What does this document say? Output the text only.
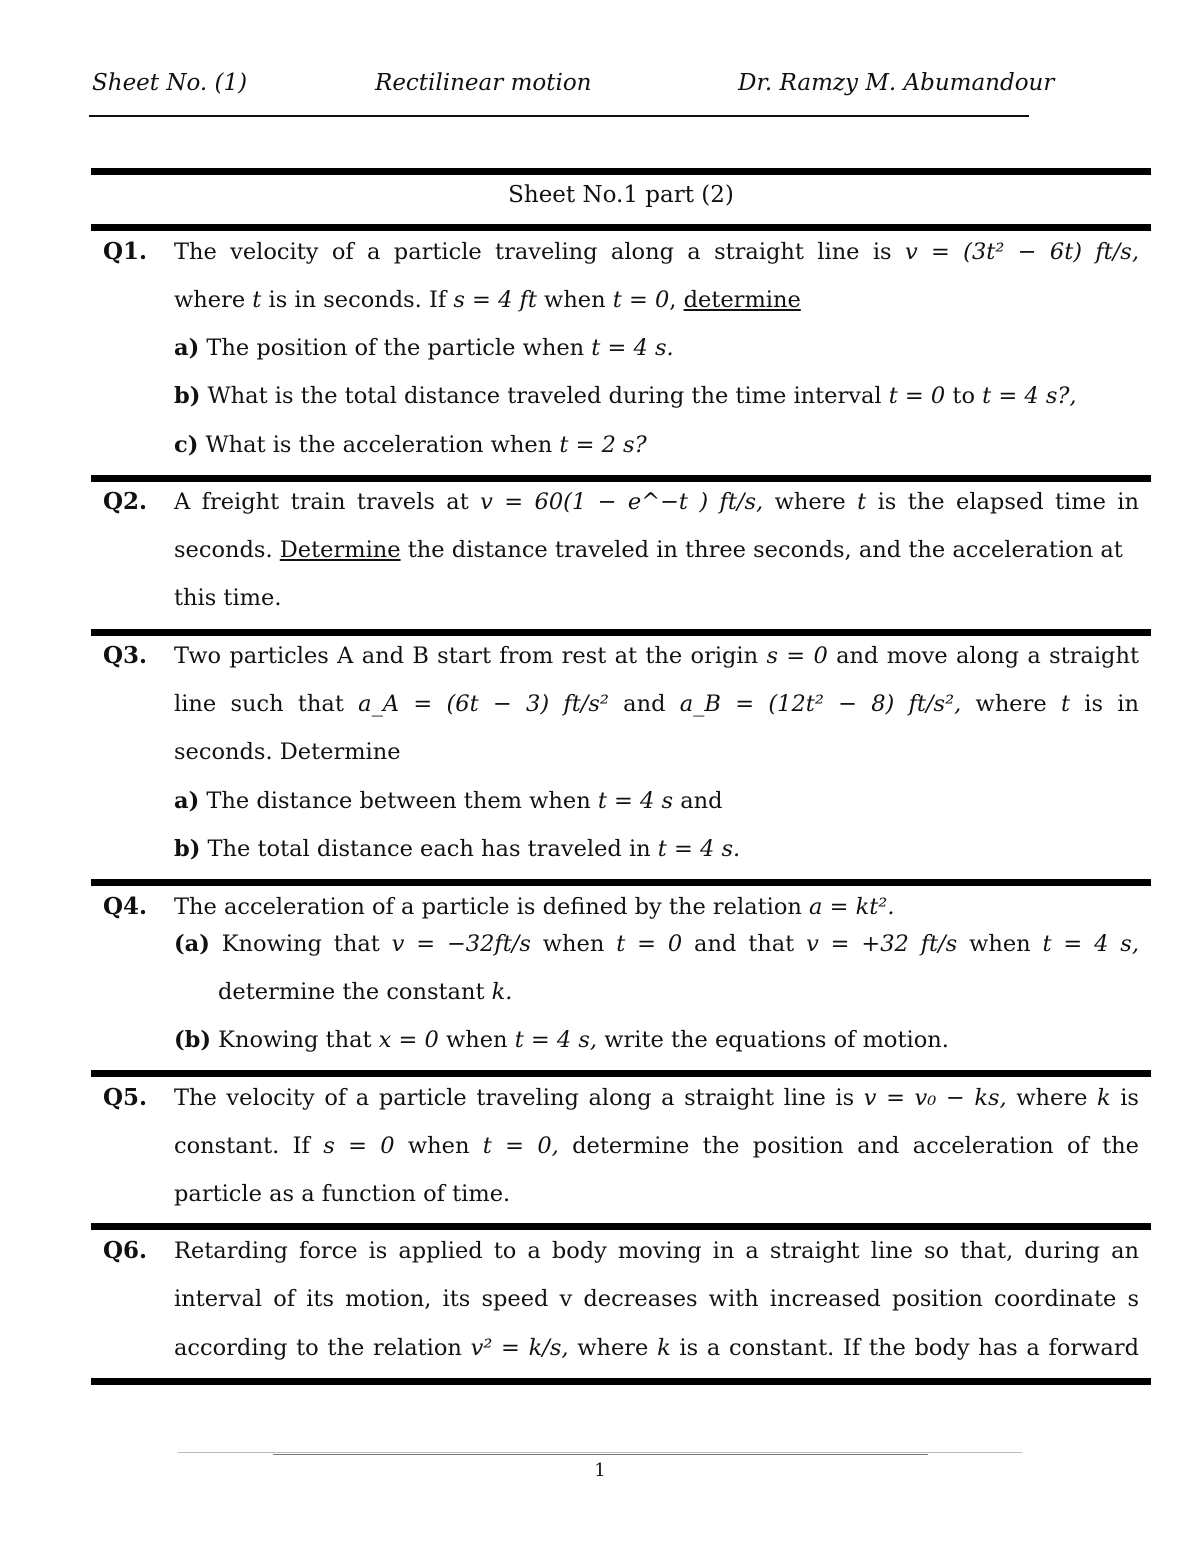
Sheet No. (1)	Rectilinear motion	Dr. Ramzy M. Abumandour
Sheet No.1 part (2)
Q1. The velocity of a particle traveling along a straight line is v = (3t² − 6t) ft/s,
where t is in seconds. If s = 4 ft when t = 0, determine
a) The position of the particle when t = 4 s.
b) What is the total distance traveled during the time interval t = 0 to t = 4 s?,
c) What is the acceleration when t = 2 s?
Q2. A freight train travels at v = 60(1 − e^−t ) ft/s, where t is the elapsed time in
seconds. Determine the distance traveled in three seconds, and the acceleration at
this time.
Q3. Two particles A and B start from rest at the origin s = 0 and move along a straight
line such that a_A = (6t − 3) ft/s² and a_B = (12t² − 8) ft/s², where t is in
seconds. Determine
a) The distance between them when t = 4 s and
b) The total distance each has traveled in t = 4 s.
Q4. The acceleration of a particle is defined by the relation a = kt².
(a) Knowing that v = −32ft/s when t = 0 and that v = +32 ft/s when t = 4 s,
determine the constant k.
(b) Knowing that x = 0 when t = 4 s, write the equations of motion.
Q5. The velocity of a particle traveling along a straight line is v = v₀ − ks, where k is
constant. If s = 0 when t = 0, determine the position and acceleration of the
particle as a function of time.
Q6. Retarding force is applied to a body moving in a straight line so that, during an
interval of its motion, its speed v decreases with increased position coordinate s
according to the relation v² = k/s, where k is a constant. If the body has a forward
1
